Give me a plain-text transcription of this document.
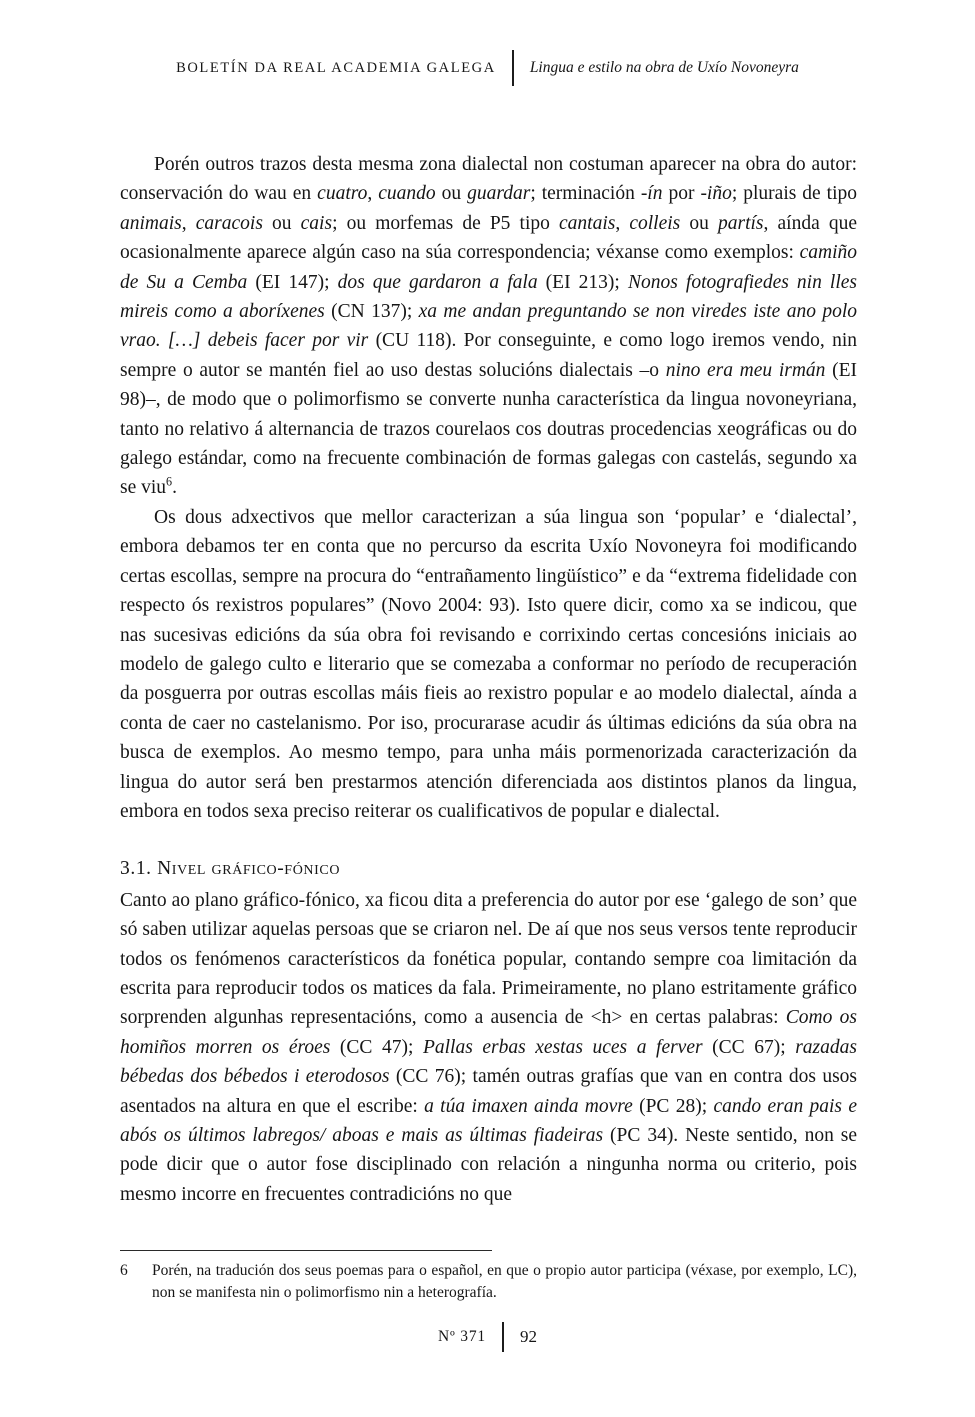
BOLETÍN DA REAL ACADEMIA GALEGA	Lingua e estilo na obra de Uxío Novoneyra

Porén outros trazos desta mesma zona dialectal non costuman aparecer na obra do autor: conservación do wau en cuatro, cuando ou guardar; terminación -ín por -iño; plurais de tipo animais, caracois ou cais; ou morfemas de P5 tipo cantais, colleis ou partís, aínda que ocasionalmente aparece algún caso na súa correspondencia; véxanse como exemplos: camiño de Su a Cemba (EI 147); dos que gardaron a fala (EI 213); Nonos fotografiedes nin lles mireis como a aboríxenes (CN 137); xa me andan preguntando se non viredes iste ano polo vrao. […] debeis facer por vir (CU 118). Por conseguinte, e como logo iremos vendo, nin sempre o autor se mantén fiel ao uso destas solucións dialectais –o nino era meu irmán (EI 98)–, de modo que o polimorfismo se converte nunha característica da lingua novoneyriana, tanto no relativo á alternancia de trazos courelaos cos doutras procedencias xeográficas ou do galego estándar, como na frecuente combinación de formas galegas con castelás, segundo xa se viu$^6$.

Os dous adxectivos que mellor caracterizan a súa lingua son ‘popular’ e ‘dialectal’, embora debamos ter en conta que no percurso da escrita Uxío Novoneyra foi modificando certas escollas, sempre na procura do “entrañamento lingüístico” e da “extrema fidelidade con respecto ós rexistros populares” (Novo 2004: 93). Isto quere dicir, como xa se indicou, que nas sucesivas edicións da súa obra foi revisando e corrixindo certas concesións iniciais ao modelo de galego culto e literario que se comezaba a conformar no período de recuperación da posguerra por outras escollas máis fieis ao rexistro popular e ao modelo dialectal, aínda a conta de caer no castelanismo. Por iso, procurarase acudir ás últimas edicións da súa obra na busca de exemplos. Ao mesmo tempo, para unha máis pormenorizada caracterización da lingua do autor será ben prestarmos atención diferenciada aos distintos planos da lingua, embora en todos sexa preciso reiterar os cualificativos de popular e dialectal.

3.1. Nivel gráfico-fónico

Canto ao plano gráfico-fónico, xa ficou dita a preferencia do autor por ese ‘galego de son’ que só saben utilizar aquelas persoas que se criaron nel. De aí que nos seus versos tente reproducir todos os fenómenos característicos da fonética popular, contando sempre coa limitación da escrita para reproducir todos os matices da fala. Primeiramente, no plano estritamente gráfico sorprenden algunhas representacións, como a ausencia de <h> en certas palabras: Como os homiños morren os éroes (CC 47); Pallas erbas xestas uces a ferver (CC 67); razadas bébedas dos bébedos i eterodosos (CC 76); tamén outras grafías que van en contra dos usos asentados na altura en que el escribe: a túa imaxen ainda movre (PC 28); cando eran pais e abós os últimos labregos/ aboas e mais as últimas fiadeiras (PC 34). Neste sentido, non se pode dicir que o autor fose disciplinado con relación a ningunha norma ou criterio, pois mesmo incorre en frecuentes contradicións no que

6	Porén, na tradución dos seus poemas para o español, en que o propio autor participa (véxase, por exemplo, LC), non se manifesta nin o polimorfismo nin a heterografía.
Nº 371	92
